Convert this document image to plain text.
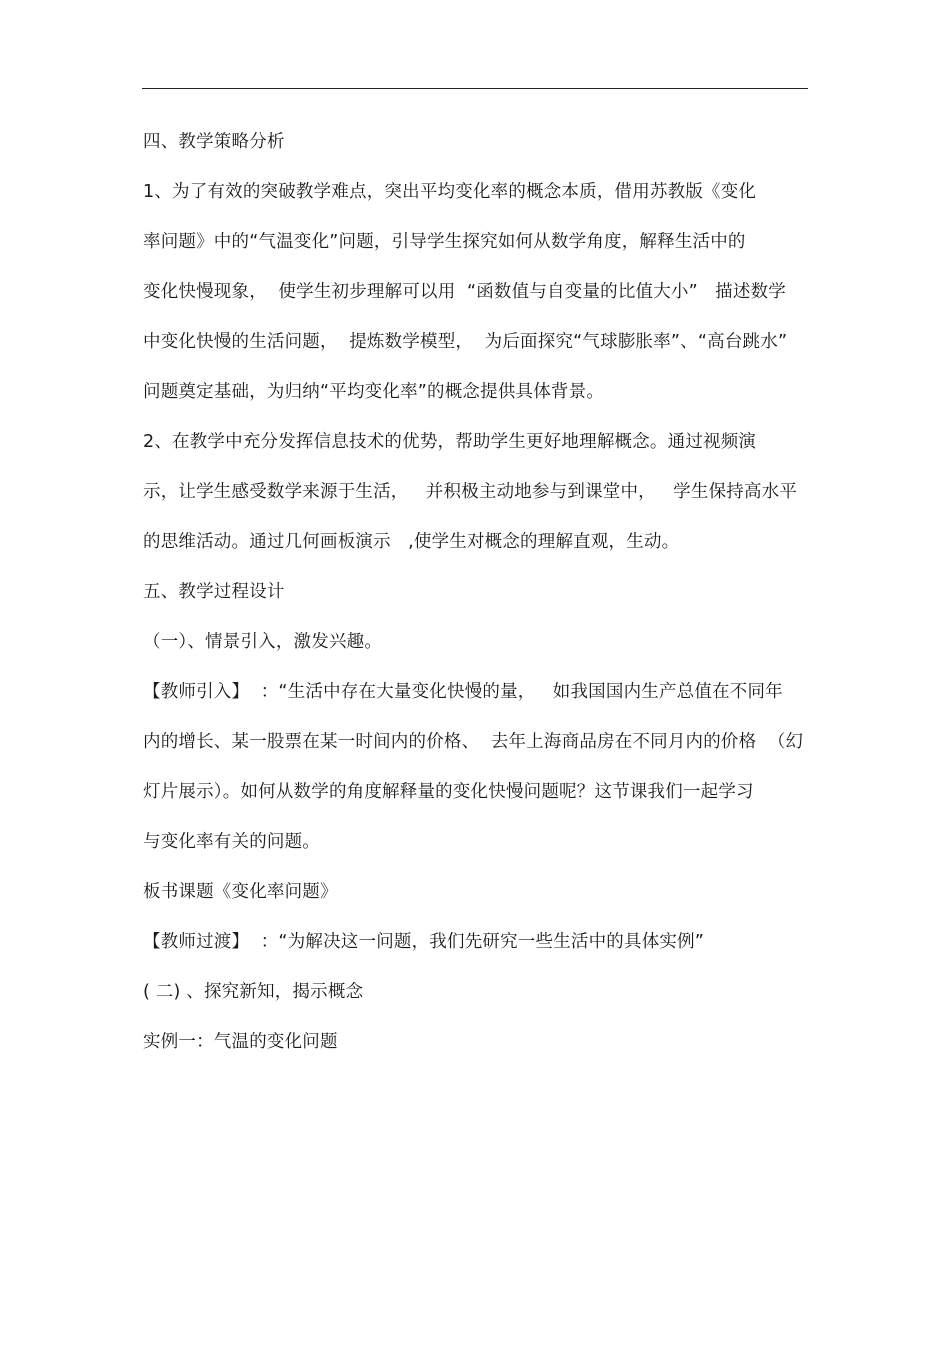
四、教学策略分析
1、为了有效的突破教学难点，突出平均变化率的概念本质，借用苏教版《变化
率问题》中的“气温变化”问题，引导学生探究如何从数学角度，解释生活中的
变化快慢现象，  使学生初步理解可以用  “函数值与自变量的比值大小”   描述数学
中变化快慢的生活问题，  提炼数学模型，  为后面探究“气球膨胀率”、“高台跳水”
问题奠定基础，为归纳“平均变化率”的概念提供具体背景。
2、在教学中充分发挥信息技术的优势，帮助学生更好地理解概念。通过视频演
示，让学生感受数学来源于生活，   并积极主动地参与到课堂中，   学生保持高水平
的思维活动。通过几何画板演示   ,使学生对概念的理解直观，生动。
五、教学过程设计
（一）、情景引入，激发兴趣。
【教师引入】  ：“生活中存在大量变化快慢的量，   如我国国内生产总值在不同年
内的增长、某一股票在某一时间内的价格、  去年上海商品房在不同月内的价格  （幻
灯片展示）。如何从数学的角度解释量的变化快慢问题呢？这节课我们一起学习
与变化率有关的问题。
板书课题《变化率问题》
【教师过渡】  ：“为解决这一问题，我们先研究一些生活中的具体实例”
( 二) 、探究新知，揭示概念
实例一：气温的变化问题
